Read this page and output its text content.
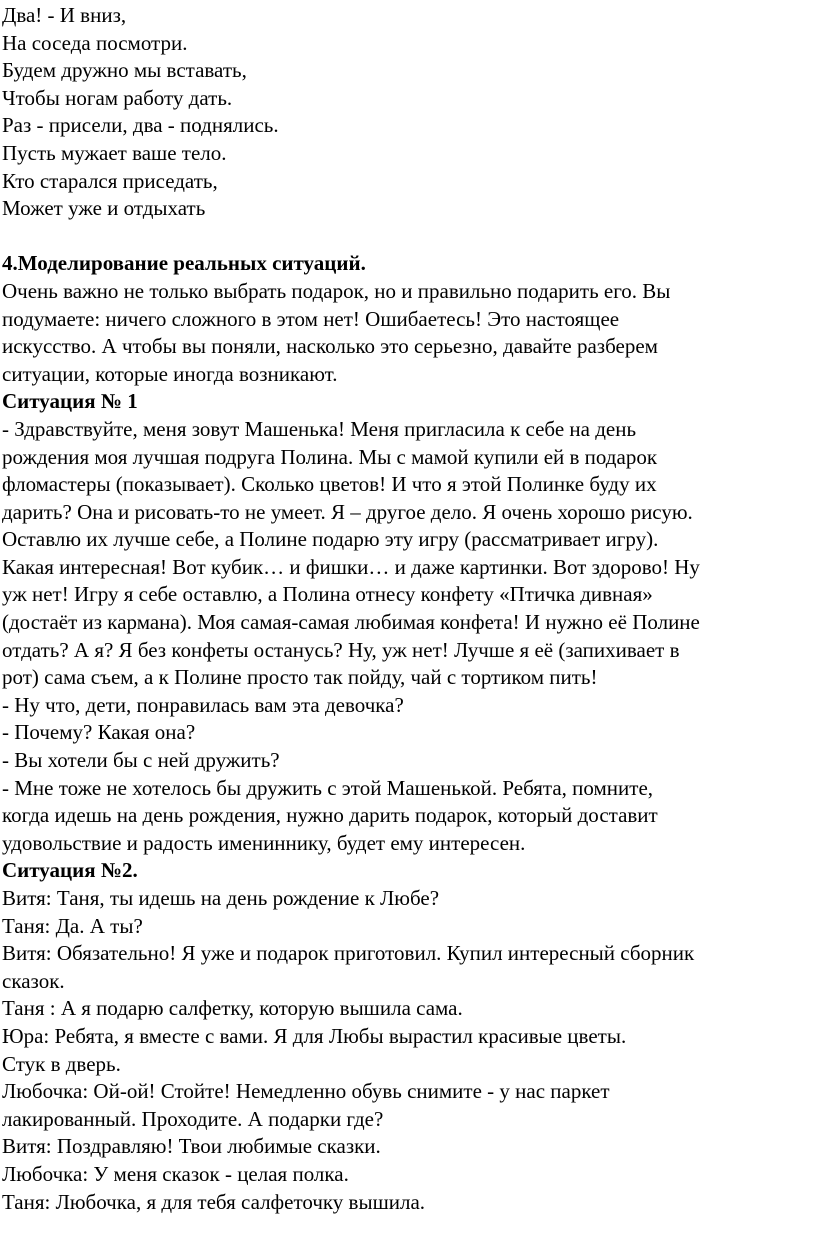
Два! - И вниз,
На соседа посмотри.
Будем дружно мы вставать,
Чтобы ногам работу дать.
Раз - присели, два - поднялись.
Пусть мужает ваше тело.
Кто старался приседать,
Может уже и отдыхать
4.Моделирование реальных ситуаций.
Очень важно не только выбрать подарок, но и правильно подарить его. Вы
подумаете: ничего сложного в этом нет! Ошибаетесь! Это настоящее
искусство. А чтобы вы поняли, насколько это серьезно, давайте разберем
ситуации, которые иногда возникают.
Ситуация № 1
- Здравствуйте, меня зовут Машенька! Меня пригласила к себе на день
рождения моя лучшая подруга Полина. Мы с мамой купили ей в подарок
фломастеры (показывает). Сколько цветов! И что я этой Полинке буду их
дарить? Она и рисовать-то не умеет. Я – другое дело. Я очень хорошо рисую.
Оставлю их лучше себе, а Полине подарю эту игру (рассматривает игру).
Какая интересная! Вот кубик… и фишки… и даже картинки. Вот здорово! Ну
уж нет! Игру я себе оставлю, а Полина отнесу конфету «Птичка дивная»
(достаёт из кармана). Моя самая-самая любимая конфета! И нужно её Полине
отдать? А я? Я без конфеты останусь? Ну, уж нет! Лучше я её (запихивает в
рот) сама съем, а к Полине просто так пойду, чай с тортиком пить!
- Ну что, дети, понравилась вам эта девочка?
- Почему? Какая она?
- Вы хотели бы с ней дружить?
- Мне тоже не хотелось бы дружить с этой Машенькой. Ребята, помните,
когда идешь на день рождения, нужно дарить подарок, который доставит
удовольствие и радость имениннику, будет ему интересен.
Ситуация №2.
Витя: Таня, ты идешь на день рождение к Любе?
Таня: Да. А ты?
Витя: Обязательно! Я уже и подарок приготовил. Купил интересный сборник
сказок.
Таня : А я подарю салфетку, которую вышила сама.
Юра: Ребята, я вместе с вами. Я для Любы вырастил красивые цветы.
Стук в дверь.
Любочка: Ой-ой! Стойте! Немедленно обувь снимите - у нас паркет
лакированный. Проходите. А подарки где?
Витя: Поздравляю! Твои любимые сказки.
Любочка: У меня сказок - целая полка.
Таня: Любочка, я для тебя салфеточку вышила.
